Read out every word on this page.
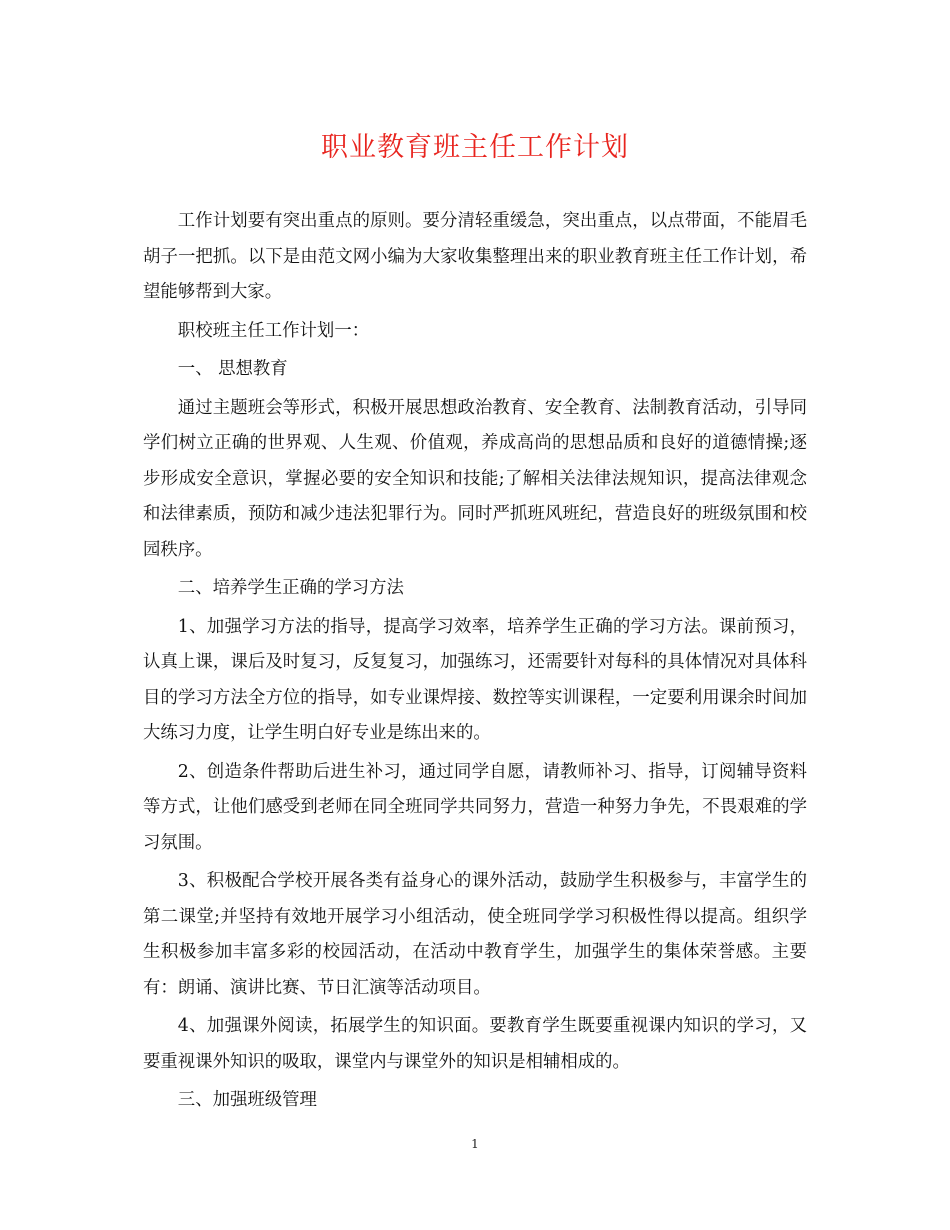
职业教育班主任工作计划

工作计划要有突出重点的原则。要分清轻重缓急，突出重点，以点带面，不能眉毛胡子一把抓。以下是由范文网小编为大家收集整理出来的职业教育班主任工作计划，希望能够帮到大家。

职校班主任工作计划一：

一、 思想教育

通过主题班会等形式，积极开展思想政治教育、安全教育、法制教育活动，引导同学们树立正确的世界观、人生观、价值观，养成高尚的思想品质和良好的道德情操;逐步形成安全意识，掌握必要的安全知识和技能;了解相关法律法规知识，提高法律观念和法律素质，预防和减少违法犯罪行为。同时严抓班风班纪，营造良好的班级氛围和校园秩序。

二、培养学生正确的学习方法

1、加强学习方法的指导，提高学习效率，培养学生正确的学习方法。课前预习，认真上课，课后及时复习，反复复习，加强练习，还需要针对每科的具体情况对具体科目的学习方法全方位的指导，如专业课焊接、数控等实训课程，一定要利用课余时间加大练习力度，让学生明白好专业是练出来的。

2、创造条件帮助后进生补习，通过同学自愿，请教师补习、指导，订阅辅导资料等方式，让他们感受到老师在同全班同学共同努力，营造一种努力争先，不畏艰难的学习氛围。

3、积极配合学校开展各类有益身心的课外活动，鼓励学生积极参与，丰富学生的第二课堂;并坚持有效地开展学习小组活动，使全班同学学习积极性得以提高。组织学生积极参加丰富多彩的校园活动，在活动中教育学生，加强学生的集体荣誉感。主要有：朗诵、演讲比赛、节日汇演等活动项目。

4、加强课外阅读，拓展学生的知识面。要教育学生既要重视课内知识的学习，又要重视课外知识的吸取，课堂内与课堂外的知识是相辅相成的。

三、加强班级管理

1
